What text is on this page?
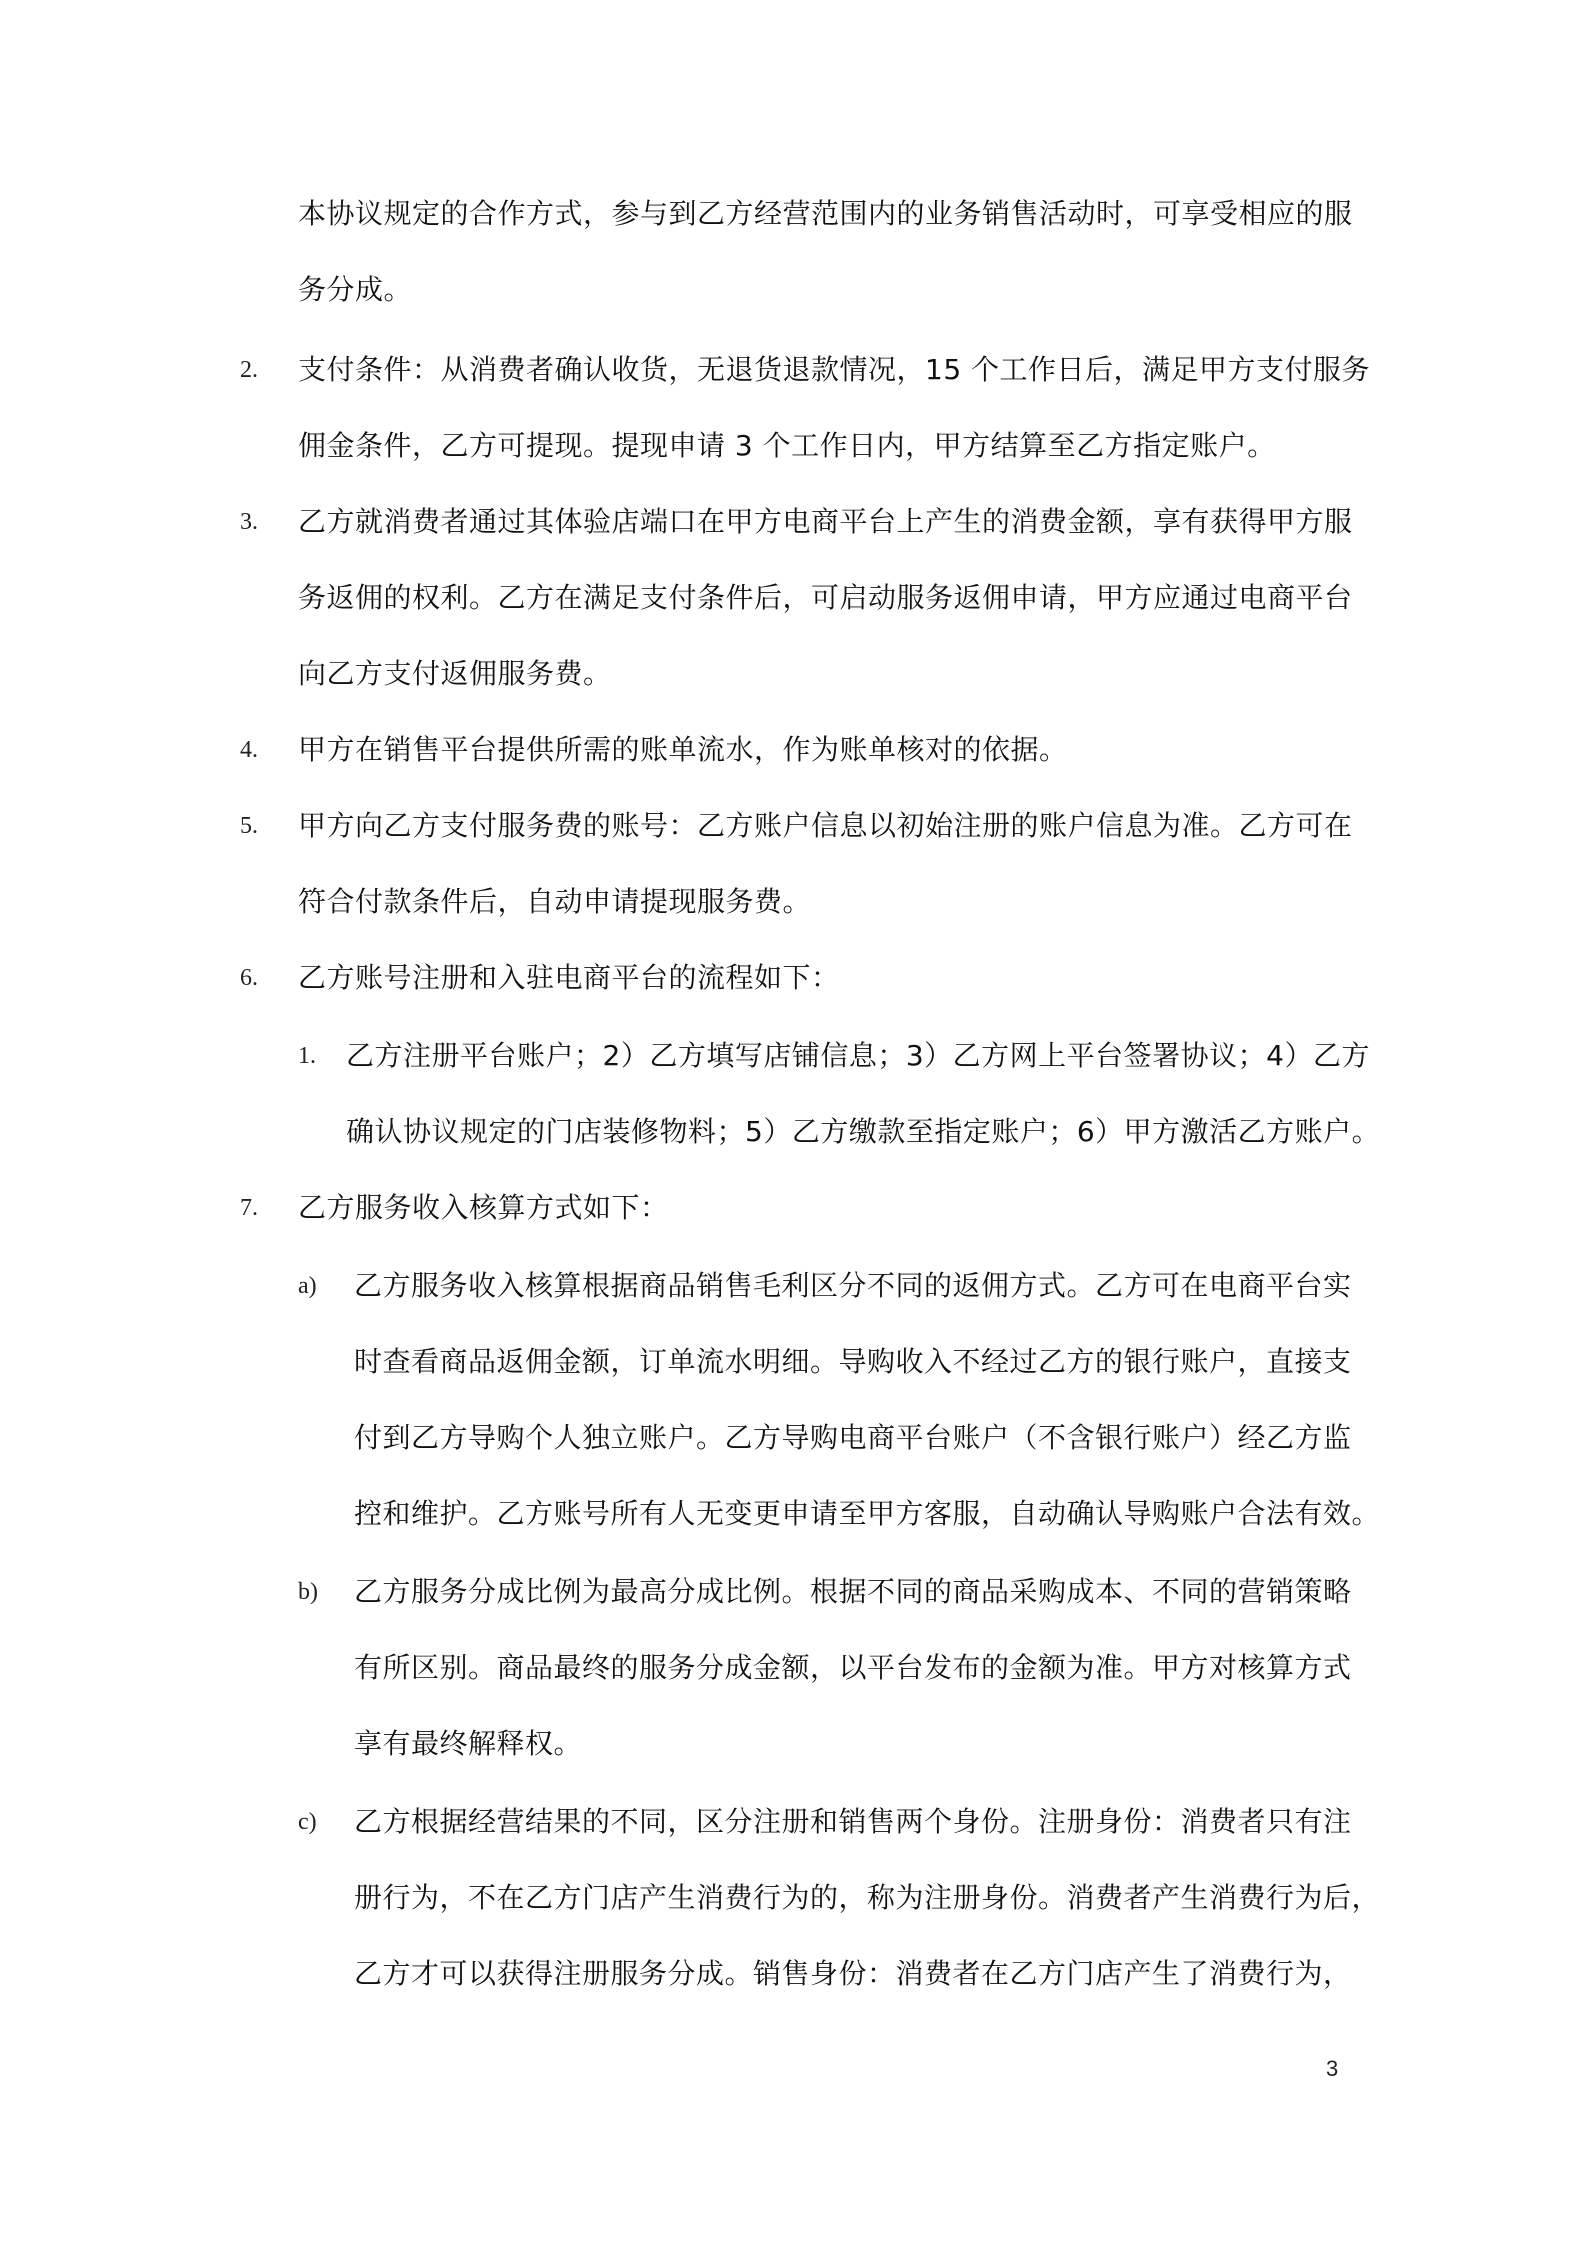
本协议规定的合作方式，参与到乙方经营范围内的业务销售活动时，可享受相应的服
务分成。
2. 支付条件：从消费者确认收货，无退货退款情况，15 个工作日后，满足甲方支付服务
佣金条件，乙方可提现。提现申请 3 个工作日内，甲方结算至乙方指定账户。
3. 乙方就消费者通过其体验店端口在甲方电商平台上产生的消费金额，享有获得甲方服
务返佣的权利。乙方在满足支付条件后，可启动服务返佣申请，甲方应通过电商平台
向乙方支付返佣服务费。
4. 甲方在销售平台提供所需的账单流水，作为账单核对的依据。
5. 甲方向乙方支付服务费的账号：乙方账户信息以初始注册的账户信息为准。乙方可在
符合付款条件后，自动申请提现服务费。
6. 乙方账号注册和入驻电商平台的流程如下：
1. 乙方注册平台账户；2）乙方填写店铺信息；3）乙方网上平台签署协议；4）乙方
确认协议规定的门店装修物料；5）乙方缴款至指定账户；6）甲方激活乙方账户。
7. 乙方服务收入核算方式如下：
a) 乙方服务收入核算根据商品销售毛利区分不同的返佣方式。乙方可在电商平台实
时查看商品返佣金额，订单流水明细。导购收入不经过乙方的银行账户，直接支
付到乙方导购个人独立账户。乙方导购电商平台账户（不含银行账户）经乙方监
控和维护。乙方账号所有人无变更申请至甲方客服，自动确认导购账户合法有效。
b) 乙方服务分成比例为最高分成比例。根据不同的商品采购成本、不同的营销策略
有所区别。商品最终的服务分成金额，以平台发布的金额为准。甲方对核算方式
享有最终解释权。
c) 乙方根据经营结果的不同，区分注册和销售两个身份。注册身份：消费者只有注
册行为，不在乙方门店产生消费行为的，称为注册身份。消费者产生消费行为后，
乙方才可以获得注册服务分成。销售身份：消费者在乙方门店产生了消费行为，
3
